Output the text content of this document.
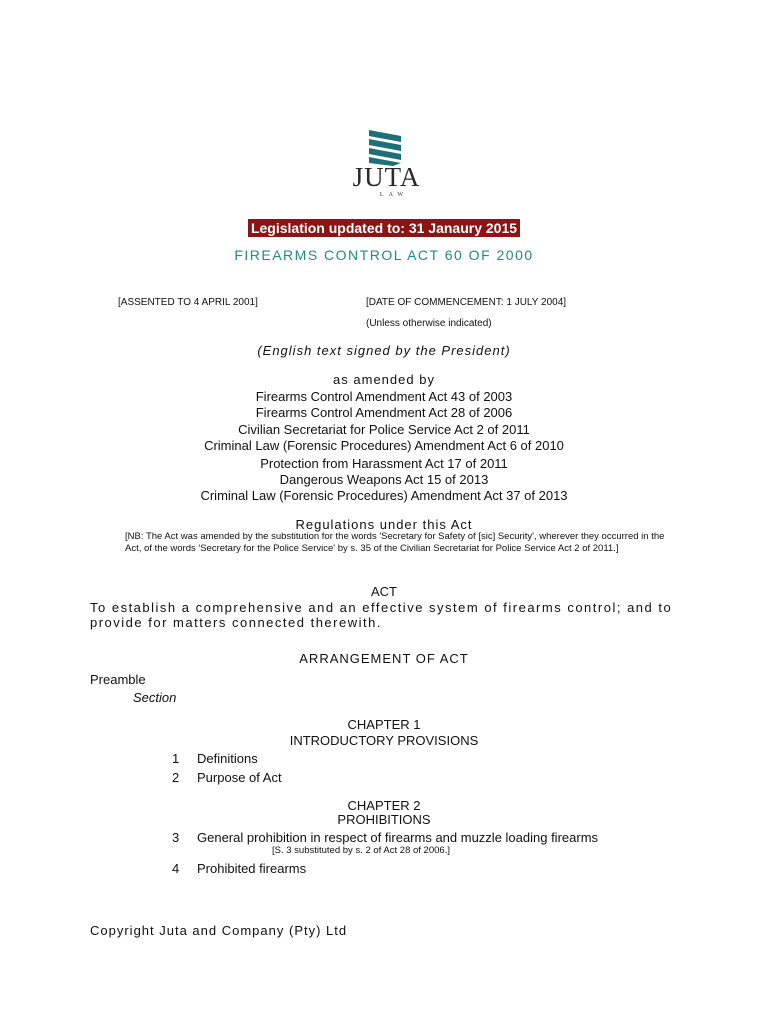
JUTA
LAW
Legislation updated to: 31 Janaury 2015
FIREARMS CONTROL ACT 60 OF 2000
[ASSENTED TO 4 APRIL 2001]	[DATE OF COMMENCEMENT: 1 JULY 2004]
(Unless otherwise indicated)
(English text signed by the President)
as amended by
Firearms Control Amendment Act 43 of 2003
Firearms Control Amendment Act 28 of 2006
Civilian Secretariat for Police Service Act 2 of 2011
Criminal Law (Forensic Procedures) Amendment Act 6 of 2010
Protection from Harassment Act 17 of 2011
Dangerous Weapons Act 15 of 2013
Criminal Law (Forensic Procedures) Amendment Act 37 of 2013
Regulations under this Act
[NB: The Act was amended by the substitution for the words 'Secretary for Safety of [sic] Security', wherever they occurred in the Act, of the words 'Secretary for the Police Service' by s. 35 of the Civilian Secretariat for Police Service Act 2 of 2011.]
ACT
To establish a comprehensive and an effective system of firearms control; and to provide for matters connected therewith.
ARRANGEMENT OF ACT
Preamble
Section
CHAPTER 1
INTRODUCTORY PROVISIONS
1 Definitions
2 Purpose of Act
CHAPTER 2
PROHIBITIONS
3 General prohibition in respect of firearms and muzzle loading firearms
[S. 3 substituted by s. 2 of Act 28 of 2006.]
4 Prohibited firearms
Copyright Juta and Company (Pty) Ltd
